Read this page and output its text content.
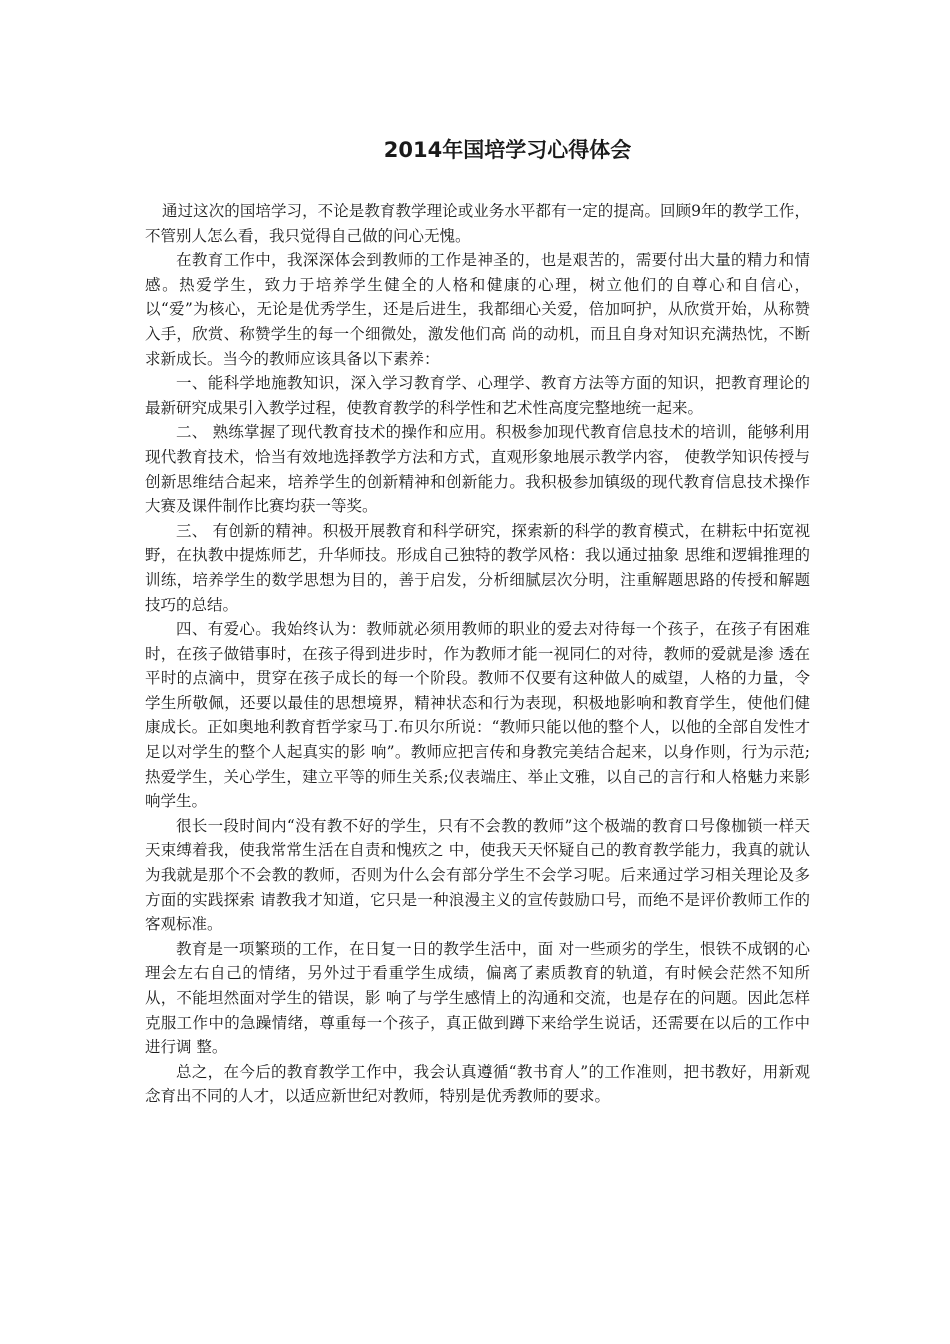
2014年国培学习心得体会

通过这次的国培学习，不论是教育教学理论或业务水平都有一定的提高。回顾9年的教学工作，不管别人怎么看，我只觉得自己做的问心无愧。

在教育工作中，我深深体会到教师的工作是神圣的，也是艰苦的，需要付出大量的精力和情感。热爱学生，致力于培养学生健全的人格和健康的心理，树立他们的自尊心和自信心，以“爱”为核心，无论是优秀学生，还是后进生，我都细心关爱，倍加呵护，从欣赏开始，从称赞入手，欣赏、称赞学生的每一个细微处，激发他们高 尚的动机，而且自身对知识充满热忱，不断求新成长。当今的教师应该具备以下素养：

一、能科学地施教知识，深入学习教育学、心理学、教育方法等方面的知识，把教育理论的最新研究成果引入教学过程，使教育教学的科学性和艺术性高度完整地统一起来。

二、 熟练掌握了现代教育技术的操作和应用。积极参加现代教育信息技术的培训，能够利用现代教育技术，恰当有效地选择教学方法和方式，直观形象地展示教学内容， 使教学知识传授与创新思维结合起来，培养学生的创新精神和创新能力。我积极参加镇级的现代教育信息技术操作大赛及课件制作比赛均获一等奖。

三、 有创新的精神。积极开展教育和科学研究，探索新的科学的教育模式，在耕耘中拓宽视野，在执教中提炼师艺，升华师技。形成自己独特的教学风格：我以通过抽象 思维和逻辑推理的训练，培养学生的数学思想为目的，善于启发，分析细腻层次分明，注重解题思路的传授和解题技巧的总结。

四、有爱心。我始终认为：教师就必须用教师的职业的爱去对待每一个孩子，在孩子有困难时，在孩子做错事时，在孩子得到进步时，作为教师才能一视同仁的对待，教师的爱就是渗 透在平时的点滴中，贯穿在孩子成长的每一个阶段。教师不仅要有这种做人的威望，人格的力量，令学生所敬佩，还要以最佳的思想境界，精神状态和行为表现，积极地影响和教育学生，使他们健康成长。正如奥地利教育哲学家马丁.布贝尔所说：“教师只能以他的整个人，以他的全部自发性才足以对学生的整个人起真实的影 响”。教师应把言传和身教完美结合起来，以身作则，行为示范;热爱学生，关心学生，建立平等的师生关系;仪表端庄、举止文雅，以自己的言行和人格魅力来影响学生。

很长一段时间内“没有教不好的学生，只有不会教的教师”这个极端的教育口号像枷锁一样天天束缚着我，使我常常生活在自责和愧疚之 中，使我天天怀疑自己的教育教学能力，我真的就认为我就是那个不会教的教师，否则为什么会有部分学生不会学习呢。后来通过学习相关理论及多方面的实践探索 请教我才知道，它只是一种浪漫主义的宣传鼓励口号，而绝不是评价教师工作的客观标准。

教育是一项繁琐的工作，在日复一日的教学生活中，面 对一些顽劣的学生，恨铁不成钢的心理会左右自己的情绪，另外过于看重学生成绩，偏离了素质教育的轨道，有时候会茫然不知所从，不能坦然面对学生的错误，影 响了与学生感情上的沟通和交流，也是存在的问题。因此怎样克服工作中的急躁情绪，尊重每一个孩子，真正做到蹲下来给学生说话，还需要在以后的工作中进行调 整。

总之，在今后的教育教学工作中，我会认真遵循“教书育人”的工作准则，把书教好，用新观念育出不同的人才，以适应新世纪对教师，特别是优秀教师的要求。
